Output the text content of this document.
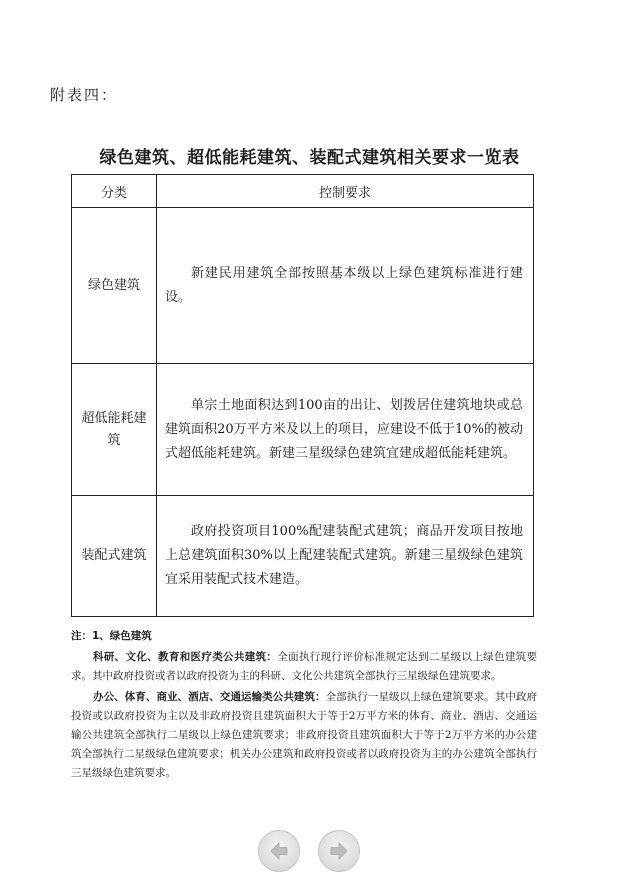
附表四：
绿色建筑、超低能耗建筑、装配式建筑相关要求一览表
分类	控制要求
绿色建筑	新建民用建筑全部按照基本级以上绿色建筑标准进行建设。
超低能耗建筑	单宗土地面积达到100亩的出让、划拨居住建筑地块或总建筑面积20万平方米及以上的项目，应建设不低于10%的被动式超低能耗建筑。新建三星级绿色建筑宜建成超低能耗建筑。
装配式建筑	政府投资项目100%配建装配式建筑；商品开发项目按地上总建筑面积30%以上配建装配式建筑。新建三星级绿色建筑宜采用装配式技术建造。
注：1、绿色建筑
科研、文化、教育和医疗类公共建筑：全面执行现行评价标准规定达到二星级以上绿色建筑要求。其中政府投资或者以政府投资为主的科研、文化公共建筑全部执行三星级绿色建筑要求。
办公、体育、商业、酒店、交通运输类公共建筑：全部执行一星级以上绿色建筑要求。其中政府投资或以政府投资为主以及非政府投资且建筑面积大于等于2万平方米的体育、商业、酒店、交通运输公共建筑全部执行二星级以上绿色建筑要求；非政府投资且建筑面积大于等于2万平方米的办公建筑全部执行二星级绿色建筑要求；机关办公建筑和政府投资或者以政府投资为主的办公建筑全部执行三星级绿色建筑要求。
